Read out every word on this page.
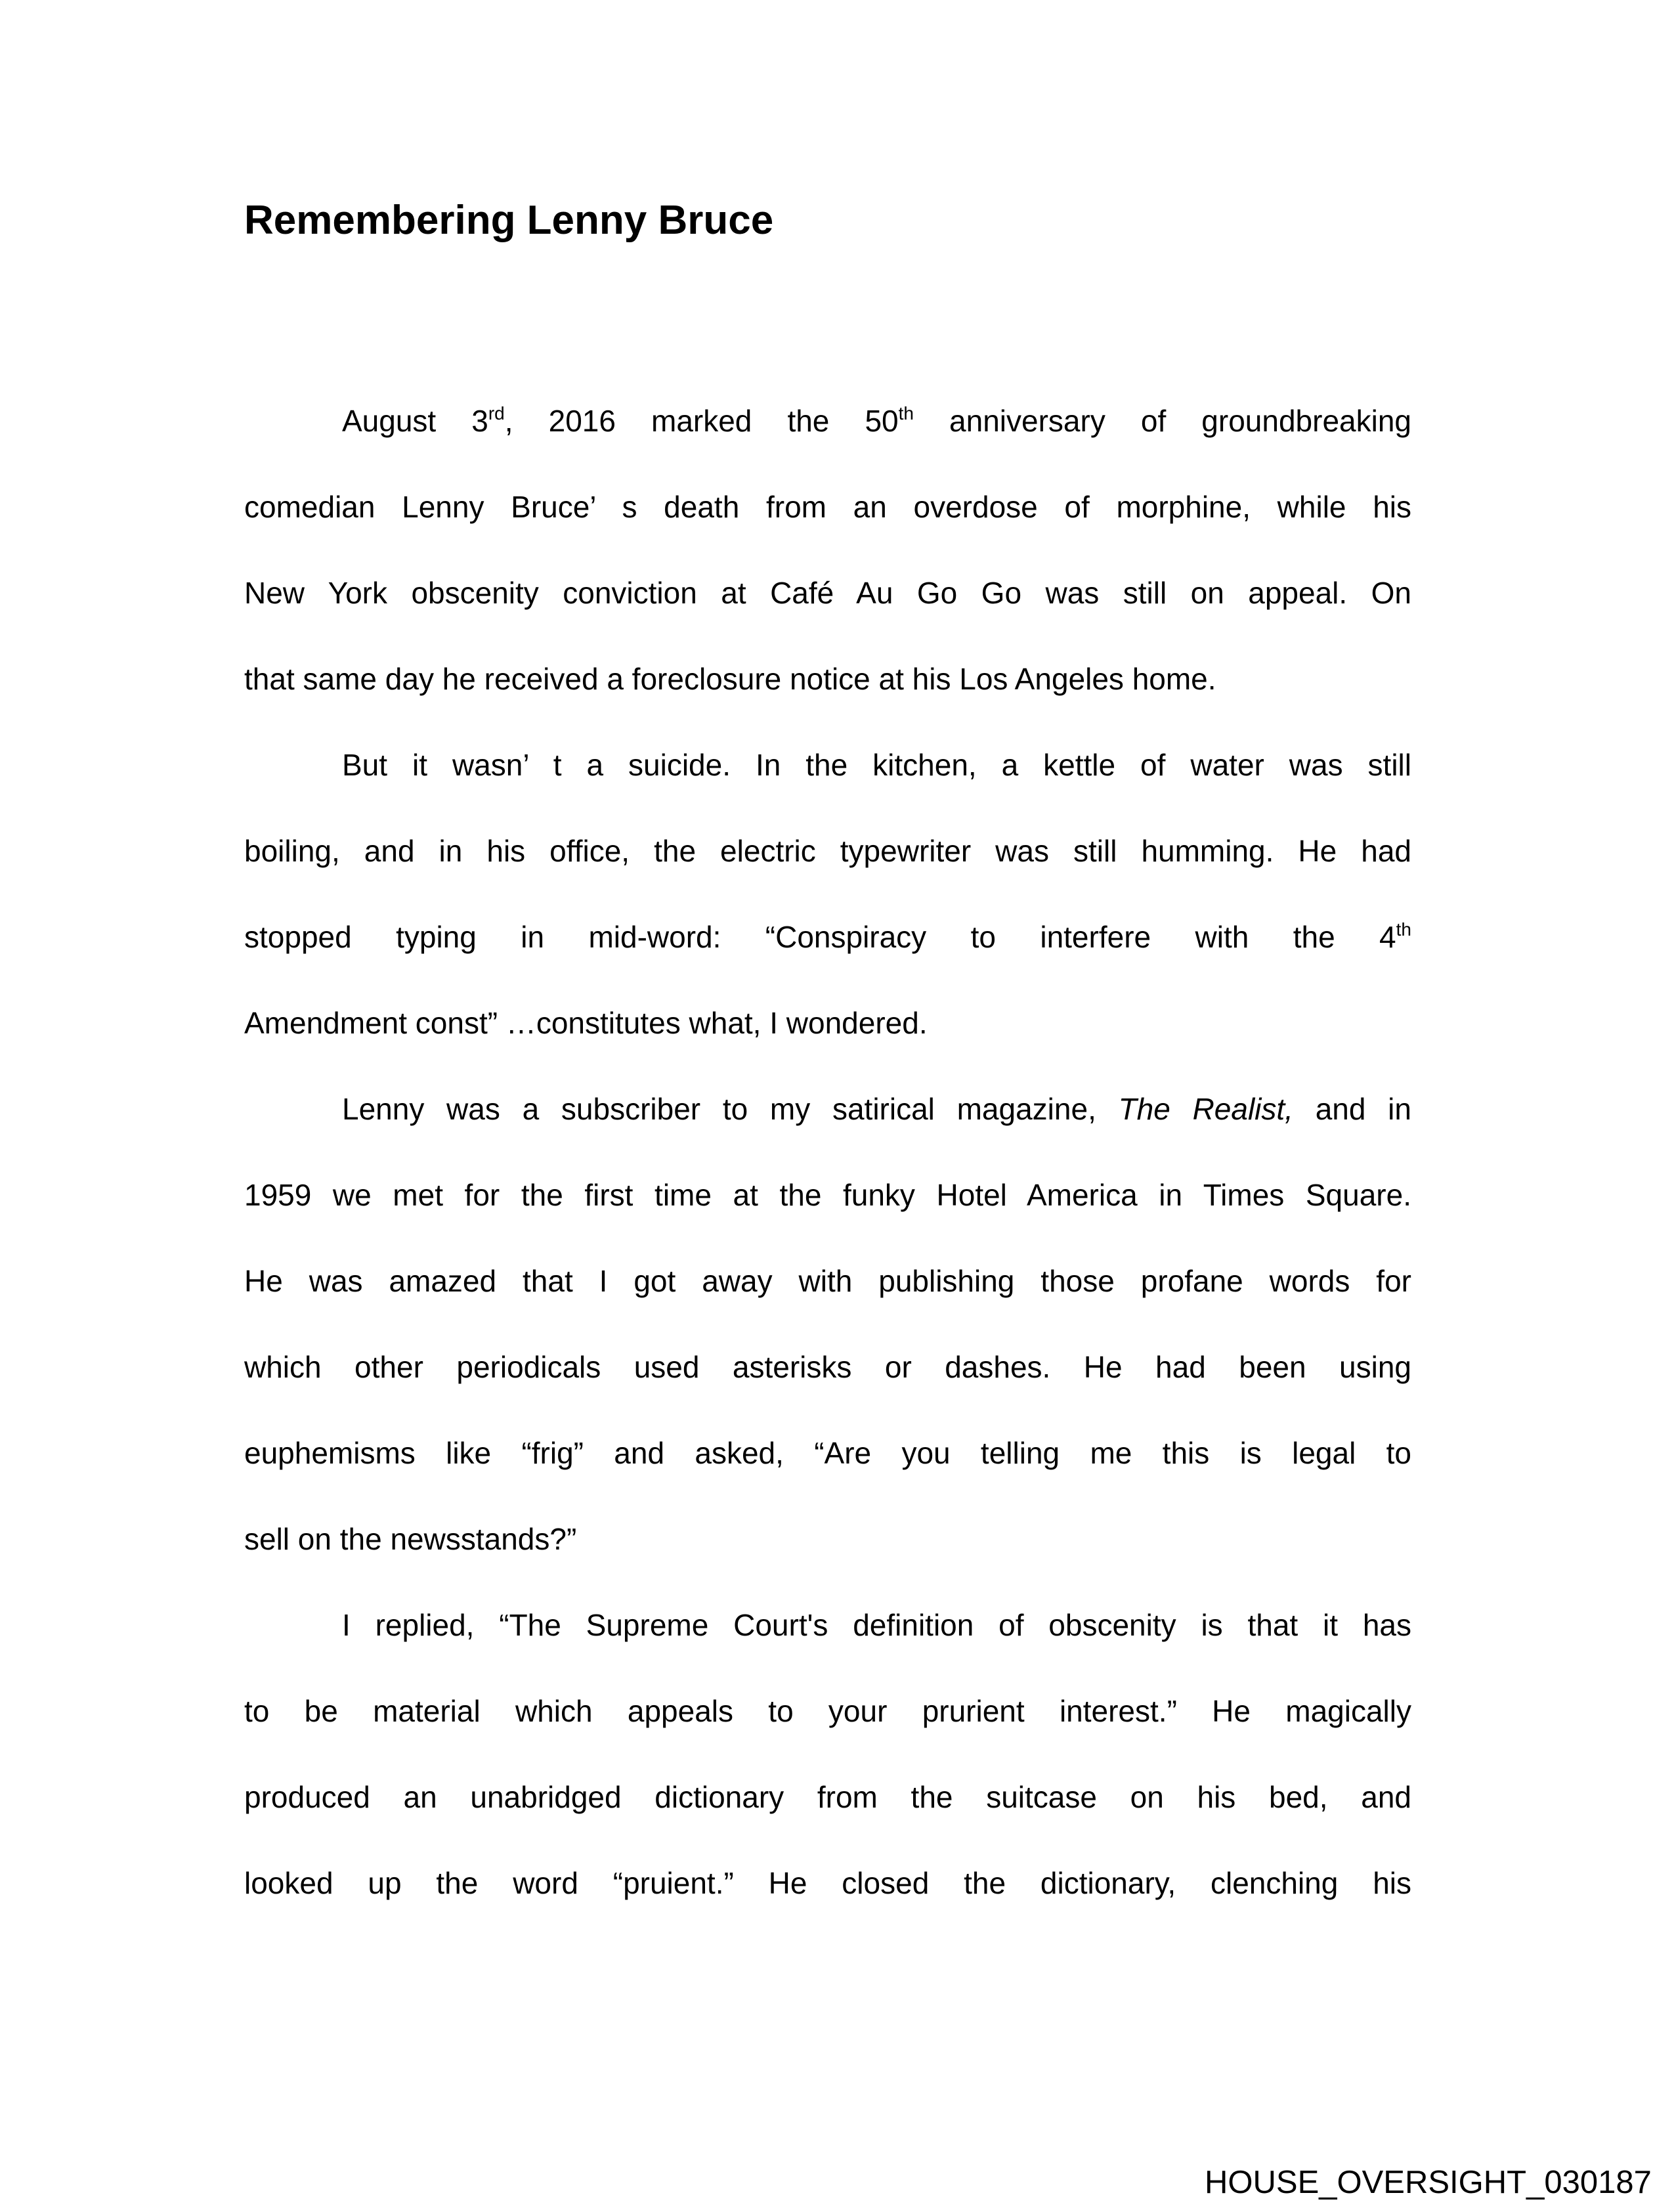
Remembering Lenny Bruce
August 3rd, 2016 marked the 50th anniversary of groundbreaking
comedian Lenny Bruce’ s death from an overdose of morphine, while his
New York obscenity conviction at Café Au Go Go was still on appeal. On
that same day he received a foreclosure notice at his Los Angeles home.
But it wasn’ t a suicide. In the kitchen, a kettle of water was still
boiling, and in his office, the electric typewriter was still humming. He had
stopped typing in mid-word: “Conspiracy to interfere with the 4th
Amendment const” …constitutes what, I wondered.
Lenny was a subscriber to my satirical magazine, The Realist, and in
1959 we met for the first time at the funky Hotel America in Times Square.
He was amazed that I got away with publishing those profane words for
which other periodicals used asterisks or dashes. He had been using
euphemisms like “frig” and asked, “Are you telling me this is legal to
sell on the newsstands?”
I replied, “The Supreme Court's definition of obscenity is that it has
to be material which appeals to your prurient interest.” He magically
produced an unabridged dictionary from the suitcase on his bed, and
looked up the word “pruient.” He closed the dictionary, clenching his
HOUSE_OVERSIGHT_030187
